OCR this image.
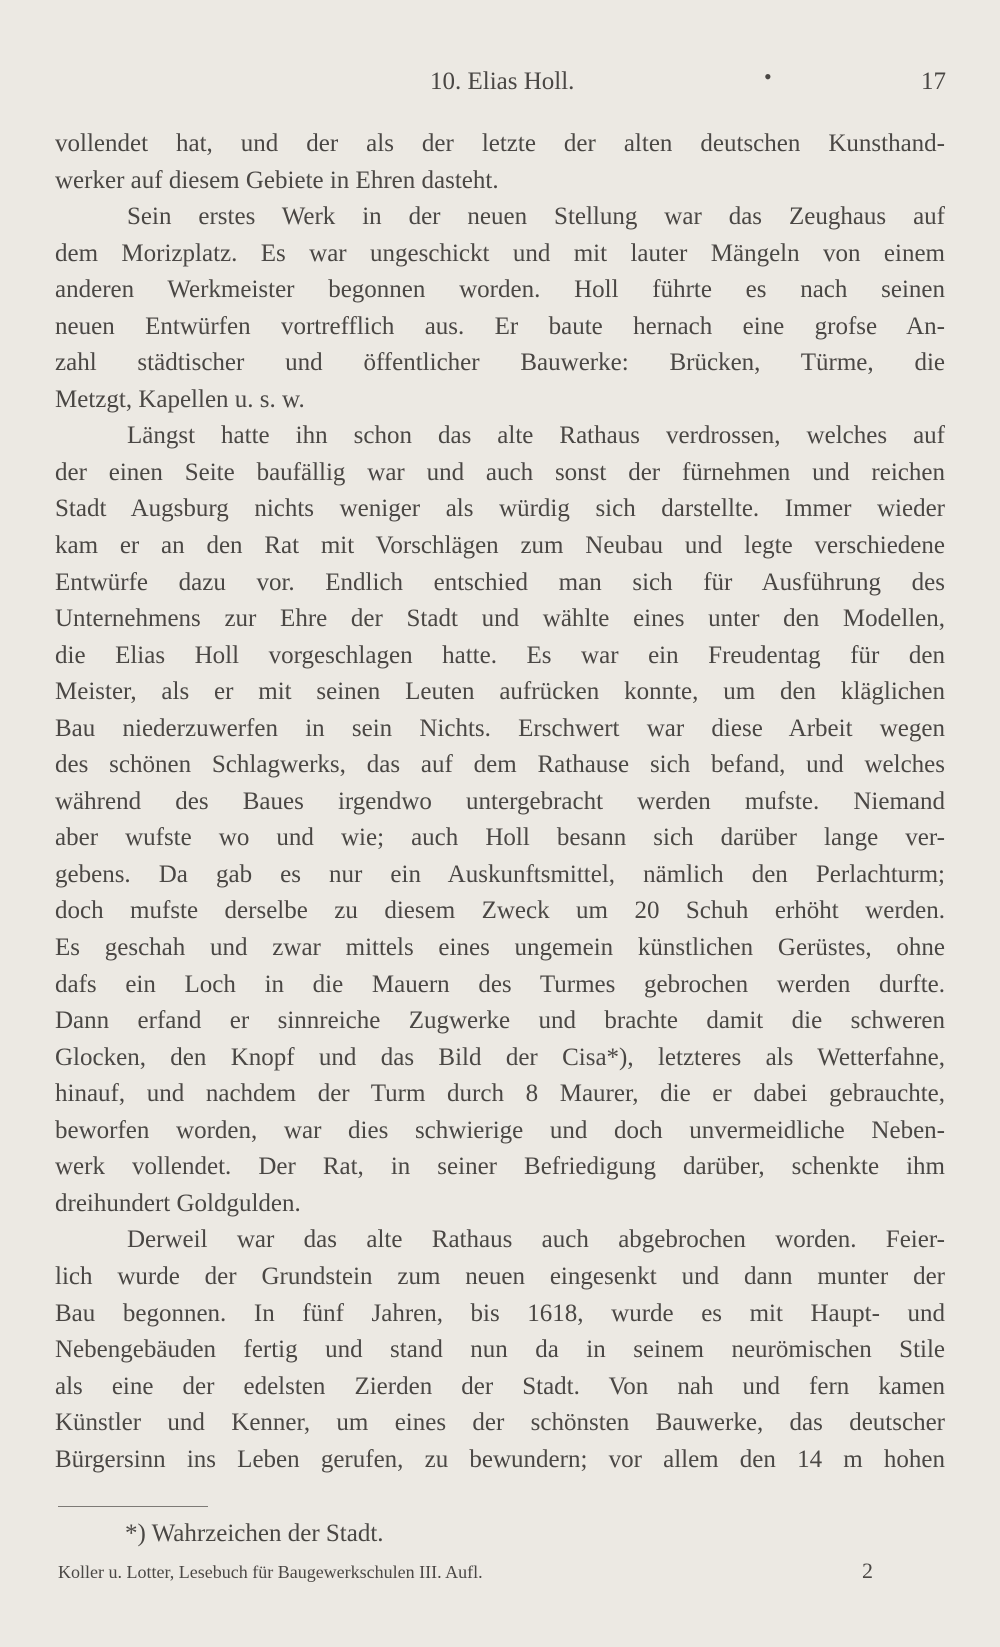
10. Elias Holl.	•	17
vollendet hat, und der als der letzte der alten deutschen Kunsthand-
werker auf diesem Gebiete in Ehren dasteht.
Sein erstes Werk in der neuen Stellung war das Zeughaus auf
dem Morizplatz. Es war ungeschickt und mit lauter Mängeln von einem
anderen Werkmeister begonnen worden. Holl führte es nach seinen
neuen Entwürfen vortrefflich aus. Er baute hernach eine grofse An-
zahl städtischer und öffentlicher Bauwerke: Brücken, Türme, die
Metzgt, Kapellen u. s. w.
Längst hatte ihn schon das alte Rathaus verdrossen, welches auf
der einen Seite baufällig war und auch sonst der fürnehmen und reichen
Stadt Augsburg nichts weniger als würdig sich darstellte. Immer wieder
kam er an den Rat mit Vorschlägen zum Neubau und legte verschiedene
Entwürfe dazu vor. Endlich entschied man sich für Ausführung des
Unternehmens zur Ehre der Stadt und wählte eines unter den Modellen,
die Elias Holl vorgeschlagen hatte. Es war ein Freudentag für den
Meister, als er mit seinen Leuten aufrücken konnte, um den kläglichen
Bau niederzuwerfen in sein Nichts. Erschwert war diese Arbeit wegen
des schönen Schlagwerks, das auf dem Rathause sich befand, und welches
während des Baues irgendwo untergebracht werden mufste. Niemand
aber wufste wo und wie; auch Holl besann sich darüber lange ver-
gebens. Da gab es nur ein Auskunftsmittel, nämlich den Perlachturm;
doch mufste derselbe zu diesem Zweck um 20 Schuh erhöht werden.
Es geschah und zwar mittels eines ungemein künstlichen Gerüstes, ohne
dafs ein Loch in die Mauern des Turmes gebrochen werden durfte.
Dann erfand er sinnreiche Zugwerke und brachte damit die schweren
Glocken, den Knopf und das Bild der Cisa*), letzteres als Wetterfahne,
hinauf, und nachdem der Turm durch 8 Maurer, die er dabei gebrauchte,
beworfen worden, war dies schwierige und doch unvermeidliche Neben-
werk vollendet. Der Rat, in seiner Befriedigung darüber, schenkte ihm
dreihundert Goldgulden.
Derweil war das alte Rathaus auch abgebrochen worden. Feier-
lich wurde der Grundstein zum neuen eingesenkt und dann munter der
Bau begonnen. In fünf Jahren, bis 1618, wurde es mit Haupt- und
Nebengebäuden fertig und stand nun da in seinem neurömischen Stile
als eine der edelsten Zierden der Stadt. Von nah und fern kamen
Künstler und Kenner, um eines der schönsten Bauwerke, das deutscher
Bürgersinn ins Leben gerufen, zu bewundern; vor allem den 14 m hohen
*) Wahrzeichen der Stadt.
Koller u. Lotter, Lesebuch für Baugewerkschulen III. Aufl.	2
